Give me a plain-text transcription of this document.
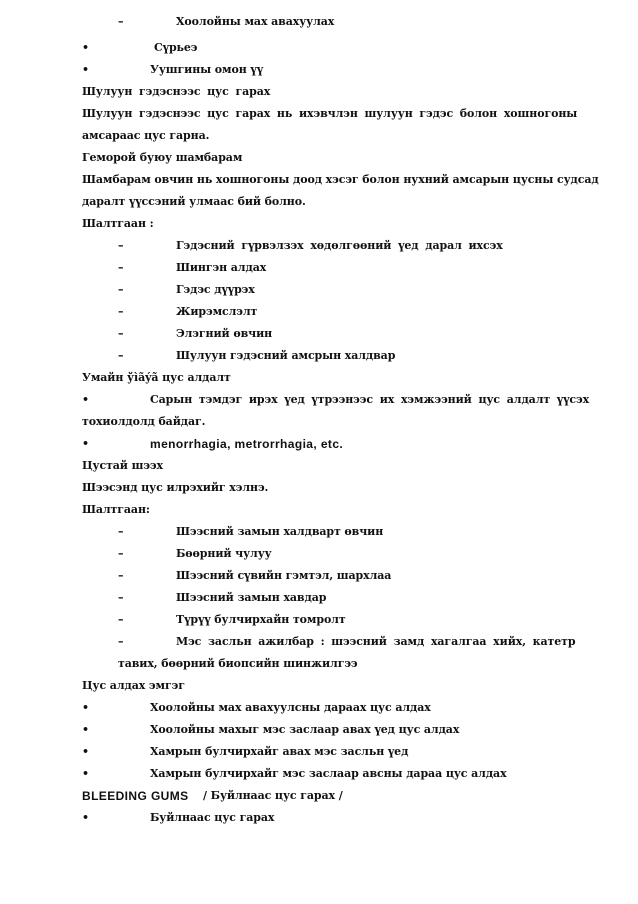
–	Хоолойны мах авахуулах
•	Сүрьеэ
•	Уушгины омон үү
Шулуун гэдэснээс цус гарах
Шулуун гэдэснээс цус гарах нь ихэвчлэн шулуун гэдэс болон хошногоны
амсараас цус гарна.
Геморой буюу шамбарам
Шамбарам овчин нь хошногоны доод хэсэг болон нухний амсарын цусны судсад
даралт үүссэний улмаас бий болно.
Шалтгаан :
–	Гэдэсний гүрвэлзэх хөдөлгөөний үед дарал ихсэх
–	Шингэн алдах
–	Гэдэс дүүрэх
–	Жирэмслэлт
–	Элэгний өвчин
–	Шулуун гэдэсний амсрын халдвар
Умайн ўìãýã цус алдалт
•	Сарын тэмдэг ирэх үед үтрээнээс их хэмжээний цус алдалт үүсэх
тохиолдолд байдаг.
•	menorrhagia, metrorrhagia, etc.
Цустай шээх
Шээсэнд цус илрэхийг хэлнэ.
Шалтгаан:
–	Шээсний замын халдварт өвчин
–	Бөөрний чулуу
–	Шээсний сүвийн гэмтэл, шархлаа
–	Шээсний замын хавдар
–	Түрүү булчирхайн томролт
–	Мэс засльн ажилбар : шээсний замд хагалгаа хийх, катетр
тавих, бөөрний биопсийн шинжилгээ
Цус алдах эмгэг
•	Хоолойны мах авахуулсны дараах цус алдах
•	Хоолойны махыг мэс заслаар авах үед цус алдах
•	Хамрын булчирхайг авах мэс засльн үед
•	Хамрын булчирхайг мэс заслаар авсны дараа цус алдах
BLEEDING GUMS / Буйлнаас цус гарах /
•	Буйлнаас цус гарах
